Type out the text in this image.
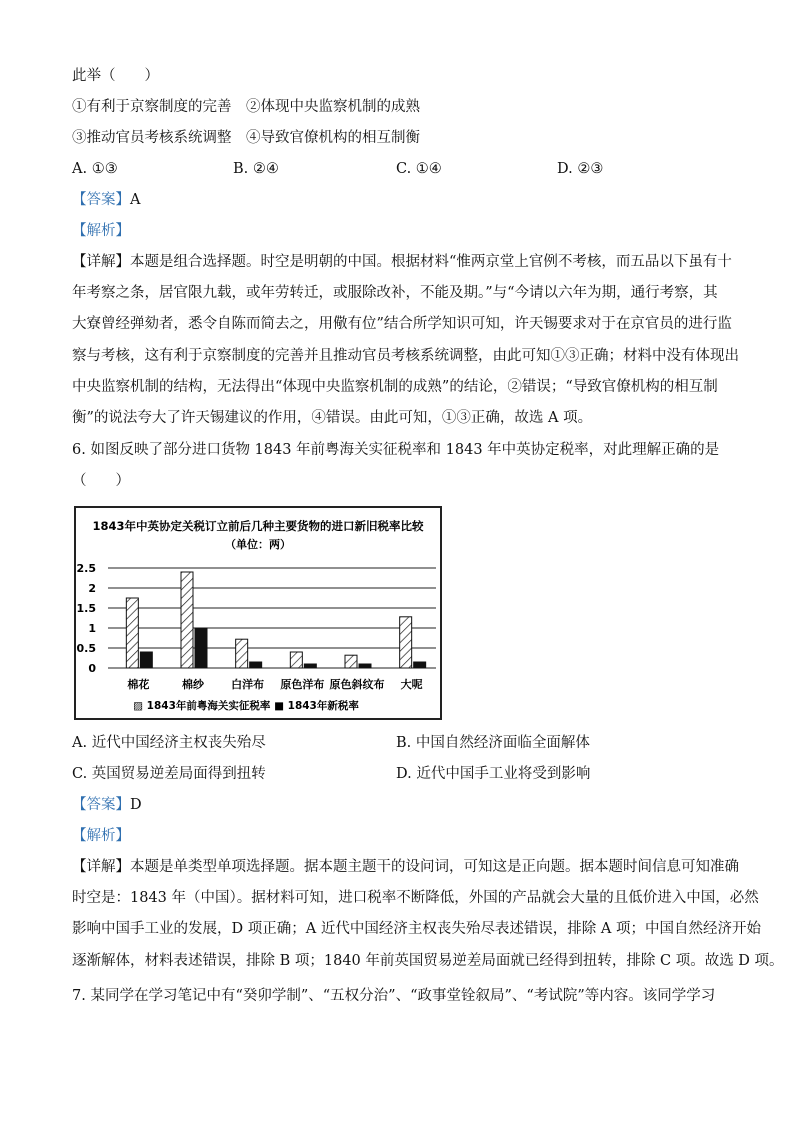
此举（　　）
①有利于京察制度的完善　②体现中央监察机制的成熟
③推动官员考核系统调整　④导致官僚机构的相互制衡
A. ①③	B. ②④	C. ①④	D. ②③
【答案】A
【解析】
【详解】本题是组合选择题。时空是明朝的中国。根据材料“惟两京堂上官例不考核，而五品以下虽有十
年考察之条，居官限九载，或年劳转迁，或服除改补，不能及期。”与“今请以六年为期，通行考察，其
大寮曾经弹劾者，悉令自陈而简去之，用儆有位”结合所学知识可知，许天锡要求对于在京官员的进行监
察与考核，这有利于京察制度的完善并且推动官员考核系统调整，由此可知①③正确；材料中没有体现出
中央监察机制的结构，无法得出“体现中央监察机制的成熟”的结论，②错误；“导致官僚机构的相互制
衡”的说法夸大了许天锡建议的作用，④错误。由此可知，①③正确，故选 A 项。
6. 如图反映了部分进口货物 1843 年前粤海关实征税率和 1843 年中英协定税率，对此理解正确的是
（　　）
1843年中英协定关税订立前后几种主要货物的进口新旧税率比较
（单位：两）
2.5
2
1.5
1
0.5
0
棉花	棉纱 白洋布 原色洋布 原色斜纹布 大呢
▨ 1843年前粤海关实征税率 ■ 1843年新税率
A. 近代中国经济主权丧失殆尽	B. 中国自然经济面临全面解体
C. 英国贸易逆差局面得到扭转	D. 近代中国手工业将受到影响
【答案】D
【解析】
【详解】本题是单类型单项选择题。据本题主题干的设问词，可知这是正向题。据本题时间信息可知准确
时空是：1843 年（中国）。据材料可知，进口税率不断降低，外国的产品就会大量的且低价进入中国，必然
影响中国手工业的发展，D 项正确；A 近代中国经济主权丧失殆尽表述错误，排除 A 项；中国自然经济开始
逐渐解体，材料表述错误，排除 B 项；1840 年前英国贸易逆差局面就已经得到扭转，排除 C 项。故选 D 项。
7. 某同学在学习笔记中有“癸卯学制”、“五权分治”、“政事堂铨叙局”、“考试院”等内容。该同学学习
